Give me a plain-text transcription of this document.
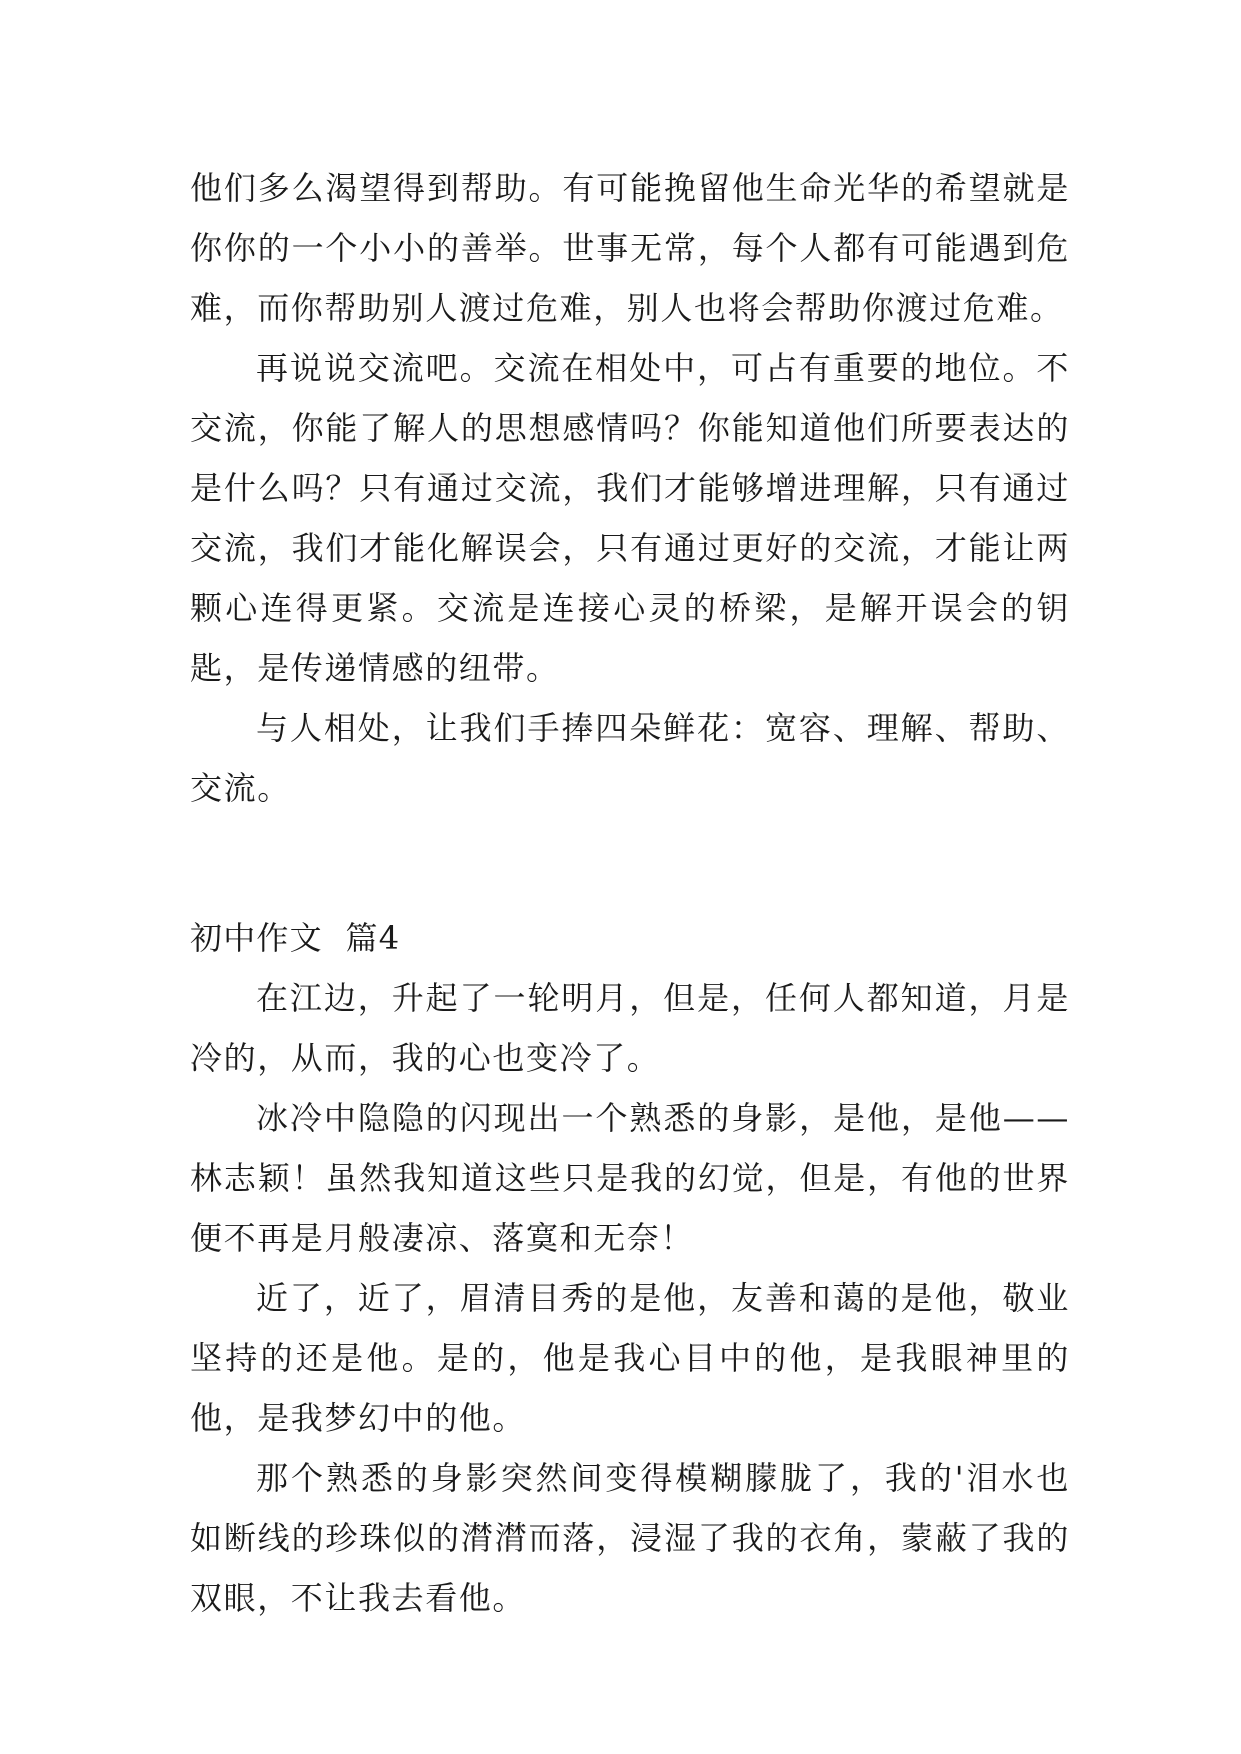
他们多么渴望得到帮助。有可能挽留他生命光华的希望就是你你的一个小小的善举。世事无常，每个人都有可能遇到危难，而你帮助别人渡过危难，别人也将会帮助你渡过危难。

再说说交流吧。交流在相处中，可占有重要的地位。不交流，你能了解人的思想感情吗？你能知道他们所要表达的是什么吗？只有通过交流，我们才能够增进理解，只有通过交流，我们才能化解误会，只有通过更好的交流，才能让两颗心连得更紧。交流是连接心灵的桥梁，是解开误会的钥匙，是传递情感的纽带。

与人相处，让我们手捧四朵鲜花：宽容、理解、帮助、交流。

初中作文  篇4

在江边，升起了一轮明月，但是，任何人都知道，月是冷的，从而，我的心也变冷了。

冰冷中隐隐的闪现出一个熟悉的身影，是他，是他——林志颖！虽然我知道这些只是我的幻觉，但是，有他的世界便不再是月般凄凉、落寞和无奈！

近了，近了，眉清目秀的是他，友善和蔼的是他，敬业坚持的还是他。是的，他是我心目中的他，是我眼神里的他，是我梦幻中的他。

那个熟悉的身影突然间变得模糊朦胧了，我的'泪水也如断线的珍珠似的潸潸而落，浸湿了我的衣角，蒙蔽了我的双眼，不让我去看他。
